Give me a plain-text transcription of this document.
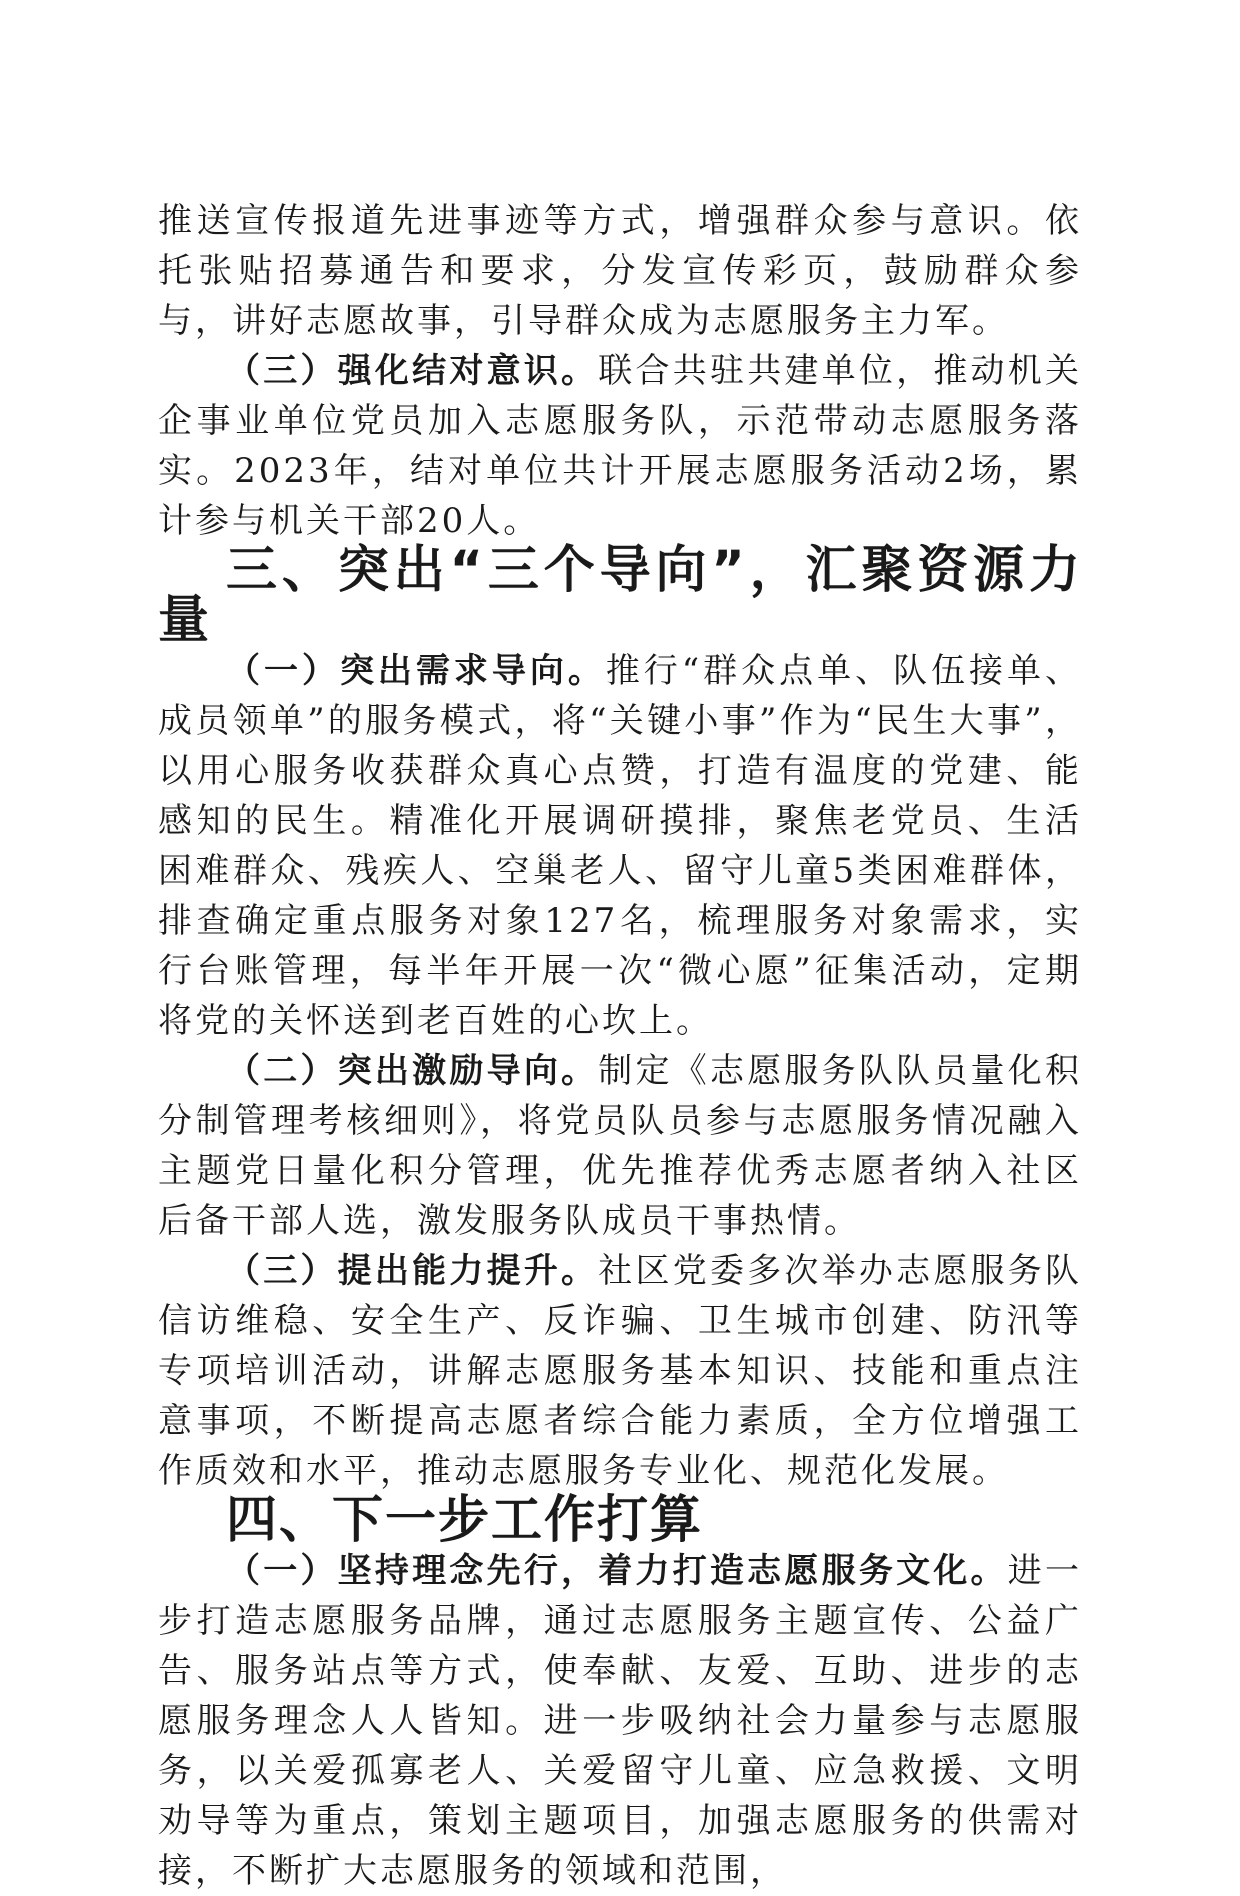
推送宣传报道先进事迹等方式，增强群众参与意识。依托张贴招募通告和要求，分发宣传彩页，鼓励群众参与，讲好志愿故事，引导群众成为志愿服务主力军。

（三）强化结对意识。联合共驻共建单位，推动机关企事业单位党员加入志愿服务队，示范带动志愿服务落实。2023年，结对单位共计开展志愿服务活动2场，累计参与机关干部20人。

三、突出“三个导向”，汇聚资源力量

（一）突出需求导向。推行“群众点单、队伍接单、成员领单”的服务模式，将“关键小事”作为“民生大事”，以用心服务收获群众真心点赞，打造有温度的党建、能感知的民生。精准化开展调研摸排，聚焦老党员、生活困难群众、残疾人、空巢老人、留守儿童5类困难群体，排查确定重点服务对象127名，梳理服务对象需求，实行台账管理，每半年开展一次“微心愿”征集活动，定期将党的关怀送到老百姓的心坎上。

（二）突出激励导向。制定《志愿服务队队员量化积分制管理考核细则》，将党员队员参与志愿服务情况融入主题党日量化积分管理，优先推荐优秀志愿者纳入社区后备干部人选，激发服务队成员干事热情。

（三）提出能力提升。社区党委多次举办志愿服务队信访维稳、安全生产、反诈骗、卫生城市创建、防汛等专项培训活动，讲解志愿服务基本知识、技能和重点注意事项，不断提高志愿者综合能力素质，全方位增强工作质效和水平，推动志愿服务专业化、规范化发展。

四、下一步工作打算

（一）坚持理念先行，着力打造志愿服务文化。进一步打造志愿服务品牌，通过志愿服务主题宣传、公益广告、服务站点等方式，使奉献、友爱、互助、进步的志愿服务理念人人皆知。进一步吸纳社会力量参与志愿服务，以关爱孤寡老人、关爱留守儿童、应急救援、文明劝导等为重点，策划主题项目，加强志愿服务的供需对接，不断扩大志愿服务的领域和范围，
